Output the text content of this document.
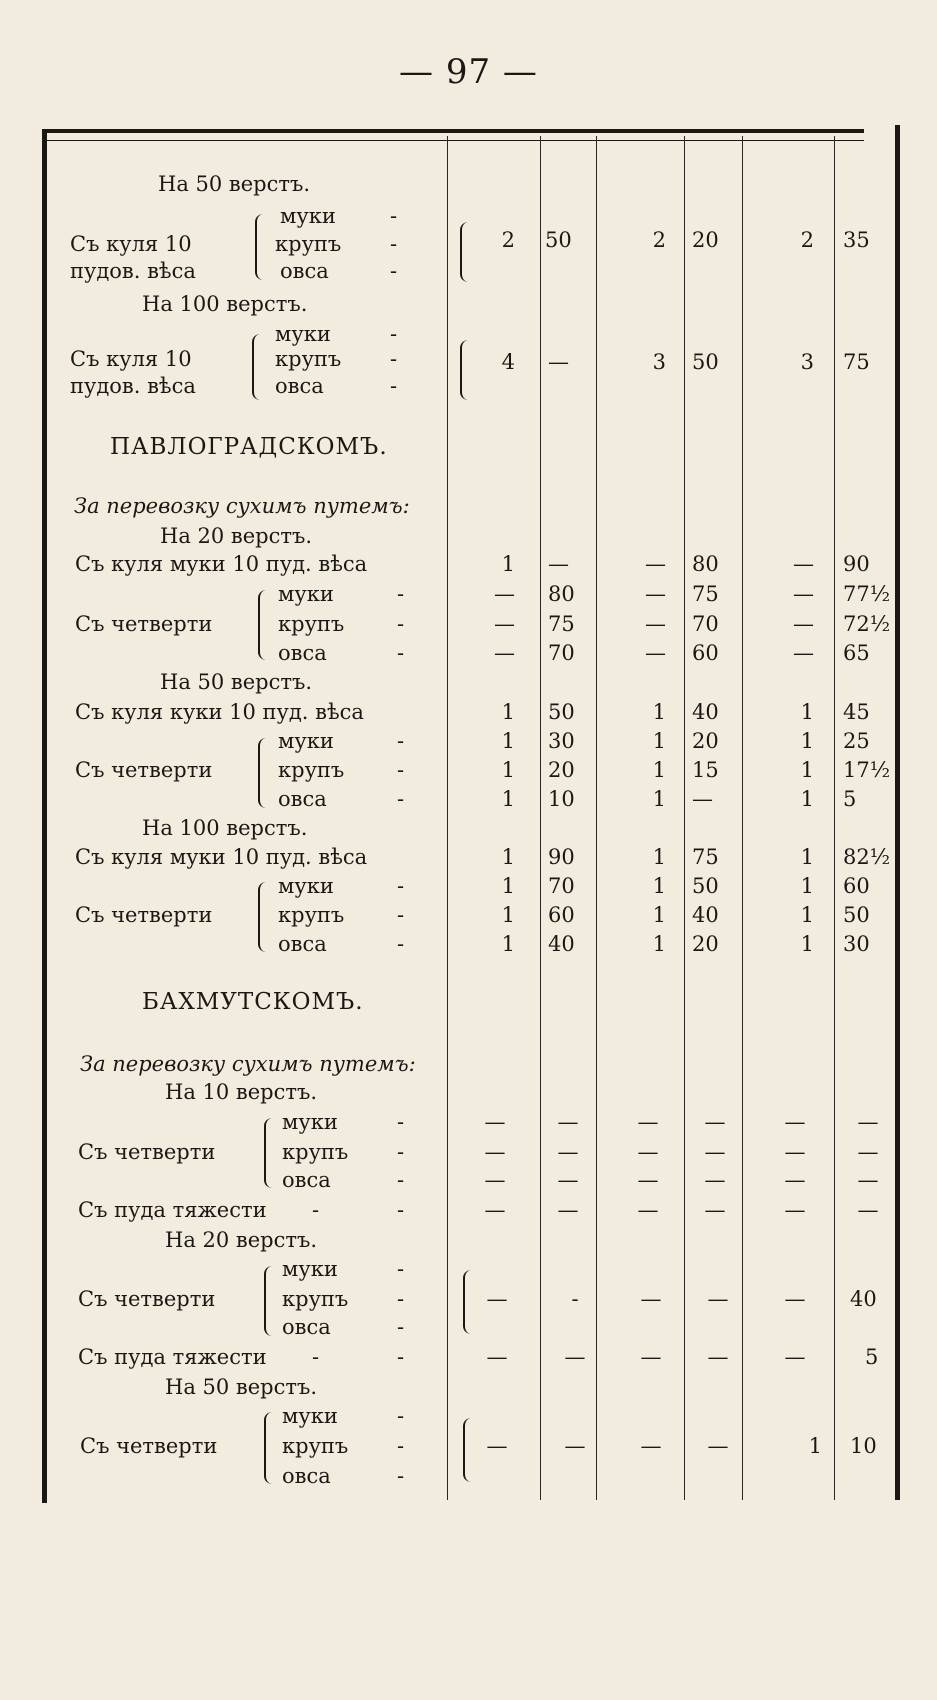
— 97 —
На 50 верстъ.
муки	-
Съ куля 10	крупъ -
пудов. вѣса	овса	-
2 50	2 20	2 35
На 100 верстъ.
муки	-
Съ куля 10	крупъ -
пудов. вѣса	овса	-
4 —	3 50	3 75
ПАВЛОГРАДСКОМЪ.
За перевозку сухимъ путемъ:
На 20 верстъ.
Съ куля муки 10 пуд. вѣса	1 —	— 80	— 90
муки	-	— 80	— 75	— 77½
Съ четверти	крупъ	-	— 75	— 70	— 72½
овса	-	— 70	— 60	— 65
На 50 верстъ.
Съ куля куки 10 пуд. вѣса	1 50	1 40	1 45
муки	-	1 30	1 20	1 25
Съ четверти	крупъ	-	1 20	1 15	1 17½
овса	-	1 10	1 —	1 5
На 100 верстъ.
Съ куля муки 10 пуд. вѣса	1 90	1 75	1 82½
муки	-	1 70	1 50	1 60
Съ четверти	крупъ	-	1 60	1 40	1 50
овса	-	1 40	1 20	1 30
БАХМУТСКОМЪ.
За перевозку сухимъ путемъ:
На 10 верстъ.
муки	-	—	—	—	—	—	—
Съ четверти	крупъ -	—	—	—	—	—	—
овса	-	—	—	—	—	—	—
Съ пуда тяжести -	-	—	—	—	—	—	—
На 20 верстъ.
муки	-
Съ четверти	крупъ -	—	-	—	—	—	40
овса	-
Съ пуда тяжеcти -	-	—	—	—	—	—	5
На 50 верстъ.
муки	-
Съ четверти	крупъ -	—	—	—	—	1 10
овса	-
